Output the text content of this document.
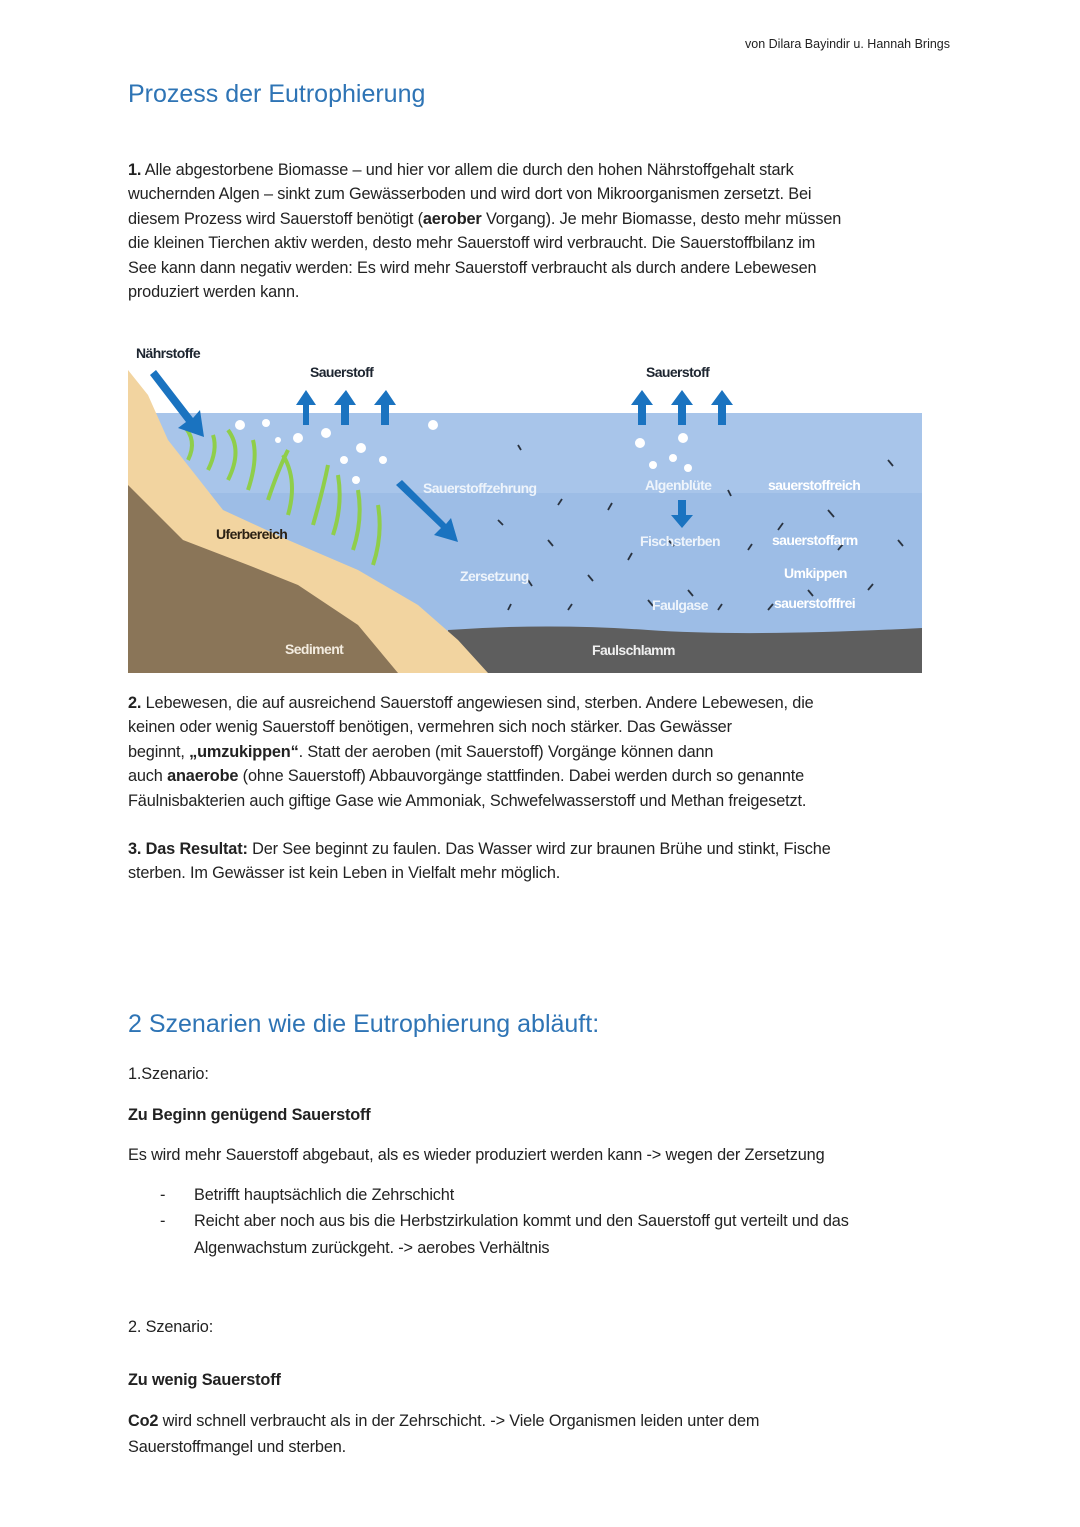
von Dilara Bayindir u. Hannah Brings
Prozess der Eutrophierung
1. Alle abgestorbene Biomasse – und hier vor allem die durch den hohen Nährstoffgehalt stark
wuchernden Algen – sinkt zum Gewässerboden und wird dort von Mikroorganismen zersetzt. Bei
diesem Prozess wird Sauerstoff benötigt (aerober Vorgang). Je mehr Biomasse, desto mehr müssen
die kleinen Tierchen aktiv werden, desto mehr Sauerstoff wird verbraucht. Die Sauerstoffbilanz im
See kann dann negativ werden: Es wird mehr Sauerstoff verbraucht als durch andere Lebewesen
produziert werden kann.
Nährstoffe
Sauerstoff	Sauerstoff
Uferbereich
Sediment
Sauerstoffzehrung
Zersetzung
Algenblüte
Fischsterben
Faulgase
Faulschlamm
sauerstoffreich
sauerstoffarm
Umkippen
sauerstofffrei
2. Lebewesen, die auf ausreichend Sauerstoff angewiesen sind, sterben. Andere Lebewesen, die
keinen oder wenig Sauerstoff benötigen, vermehren sich noch stärker. Das Gewässer
beginnt, „umzukippen“. Statt der aeroben (mit Sauerstoff) Vorgänge können dann
auch anaerobe (ohne Sauerstoff) Abbauvorgänge stattfinden. Dabei werden durch so genannte
Fäulnisbakterien auch giftige Gase wie Ammoniak, Schwefelwasserstoff und Methan freigesetzt.
3. Das Resultat: Der See beginnt zu faulen. Das Wasser wird zur braunen Brühe und stinkt, Fische
sterben. Im Gewässer ist kein Leben in Vielfalt mehr möglich.
2 Szenarien wie die Eutrophierung abläuft:
1.Szenario:
Zu Beginn genügend Sauerstoff
Es wird mehr Sauerstoff abgebaut, als es wieder produziert werden kann -> wegen der Zersetzung
- Betrifft hauptsächlich die Zehrschicht
- Reicht aber noch aus bis die Herbstzirkulation kommt und den Sauerstoff gut verteilt und das
Algenwachstum zurückgeht. -> aerobes Verhältnis
2. Szenario:
Zu wenig Sauerstoff
Co2 wird schnell verbraucht als in der Zehrschicht. -> Viele Organismen leiden unter dem
Sauerstoffmangel und sterben.
